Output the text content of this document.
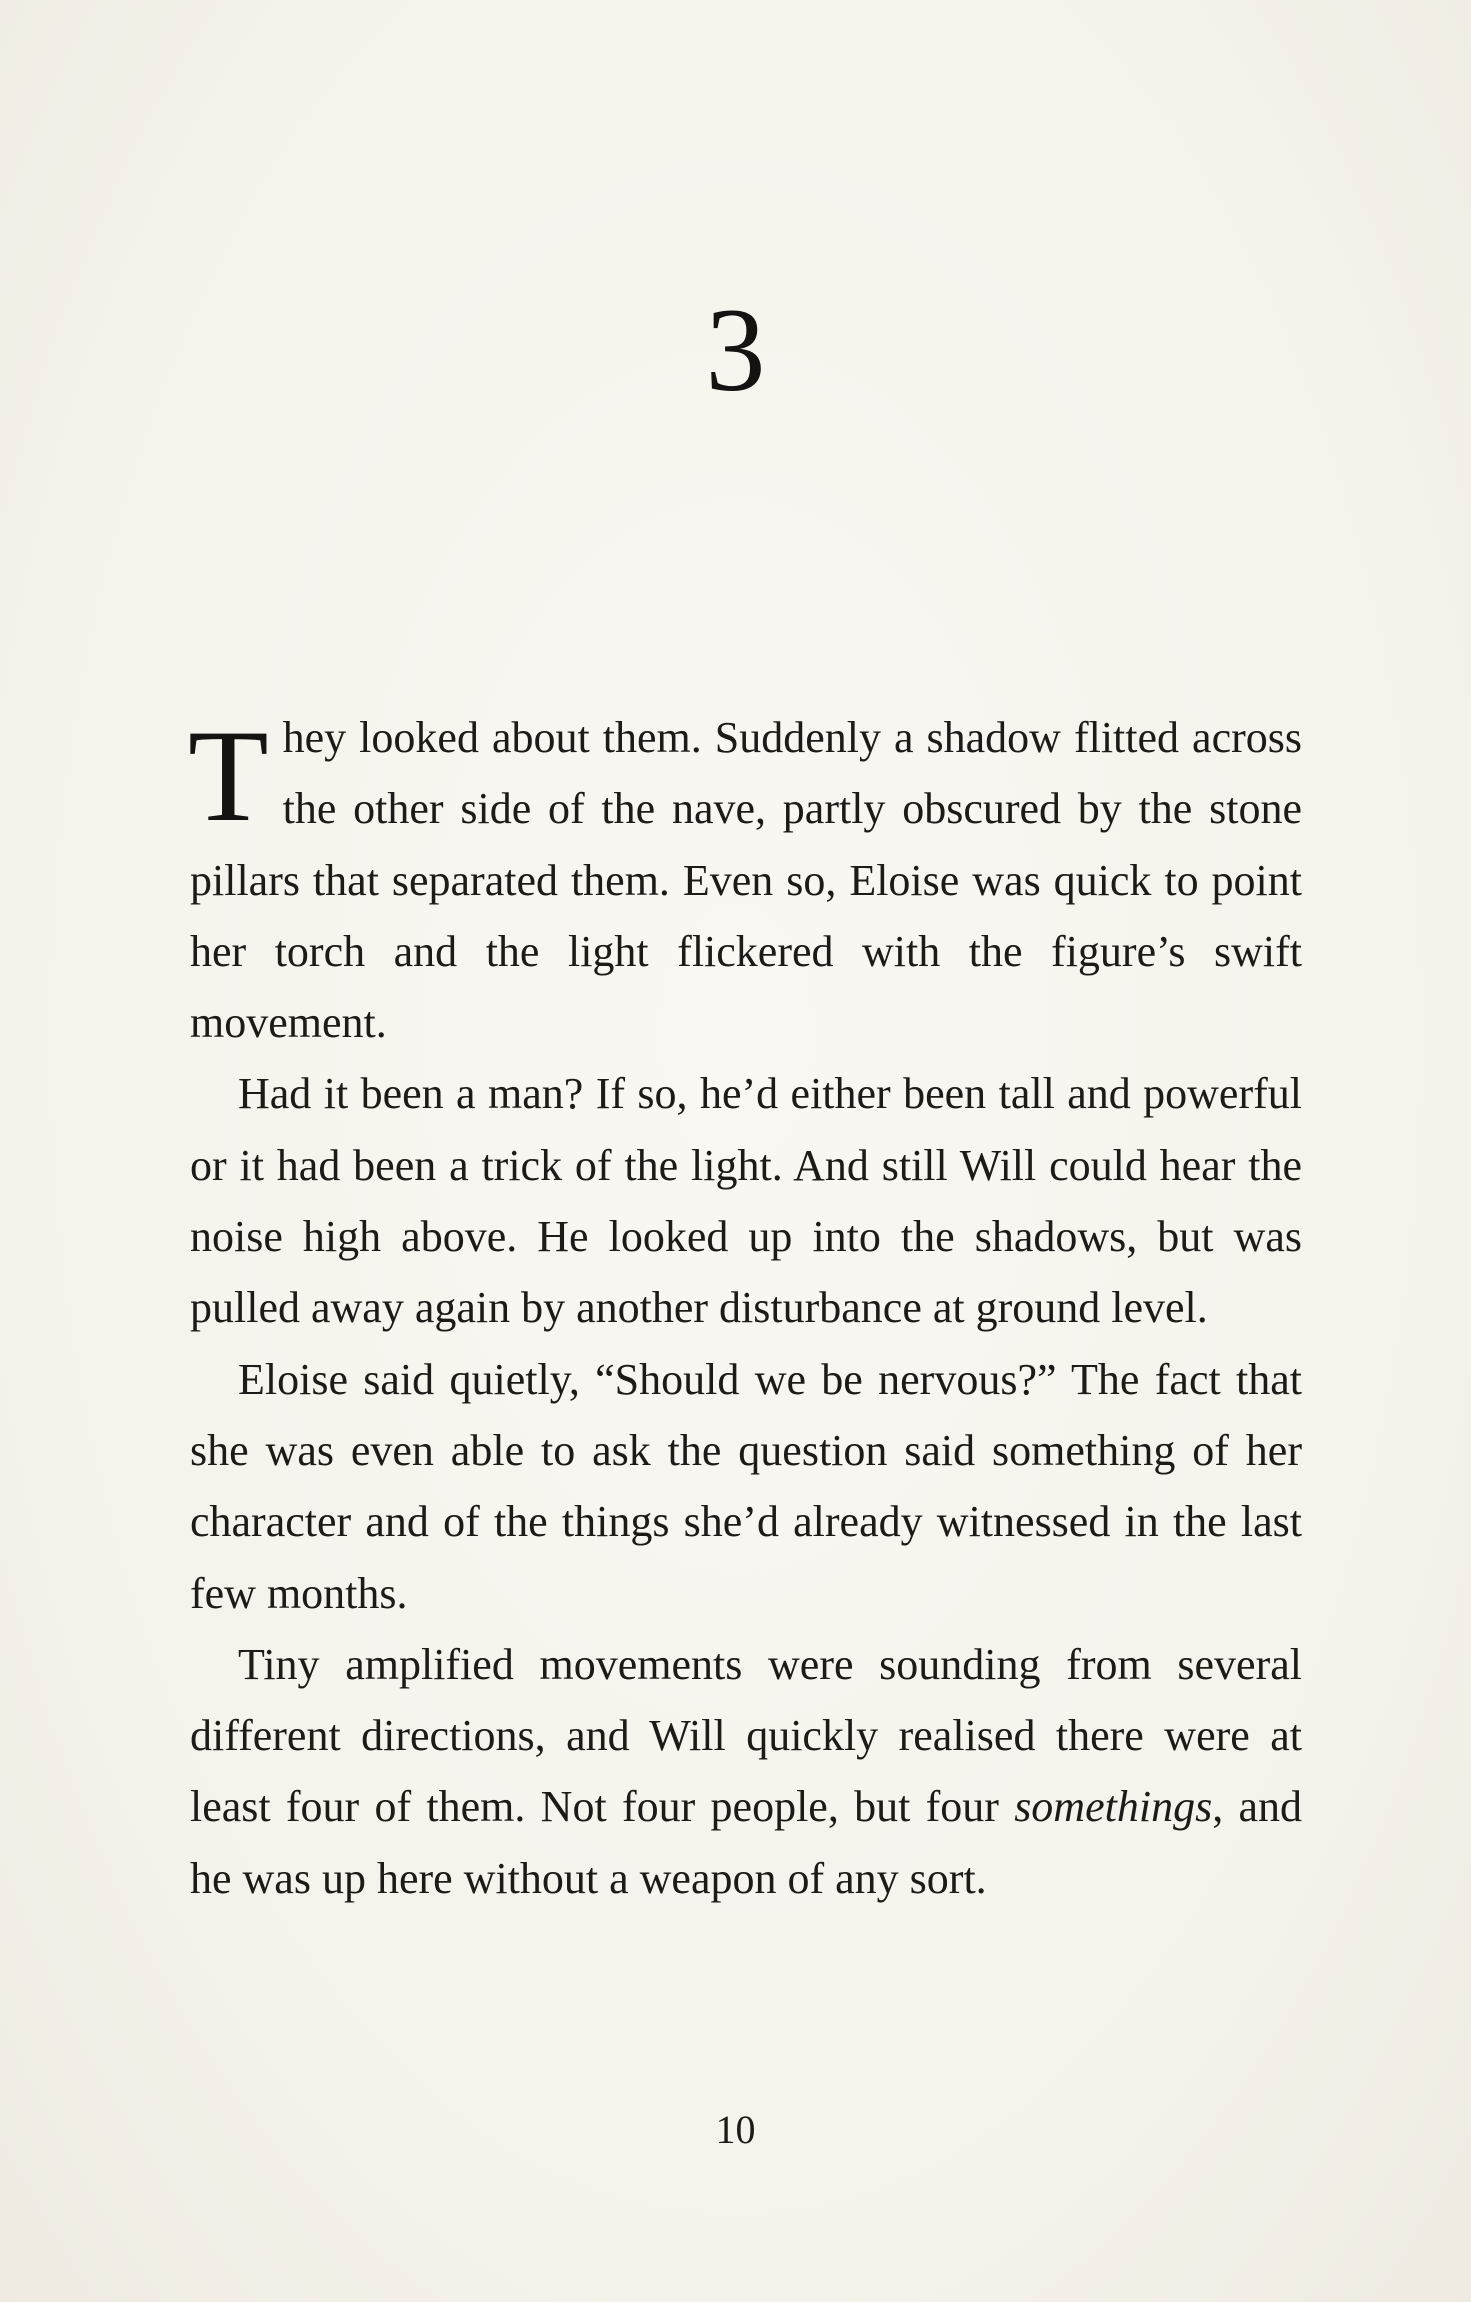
3

They looked about them. Suddenly a shadow flitted across the other side of the nave, partly obscured by the stone pillars that separated them. Even so, Eloise was quick to point her torch and the light flickered with the figure’s swift movement.

Had it been a man? If so, he’d either been tall and powerful or it had been a trick of the light. And still Will could hear the noise high above. He looked up into the shadows, but was pulled away again by another disturbance at ground level.

Eloise said quietly, “Should we be nervous?” The fact that she was even able to ask the question said something of her character and of the things she’d already witnessed in the last few months.

Tiny amplified movements were sounding from several different directions, and Will quickly realised there were at least four of them. Not four people, but four somethings, and he was up here without a weapon of any sort.

10
